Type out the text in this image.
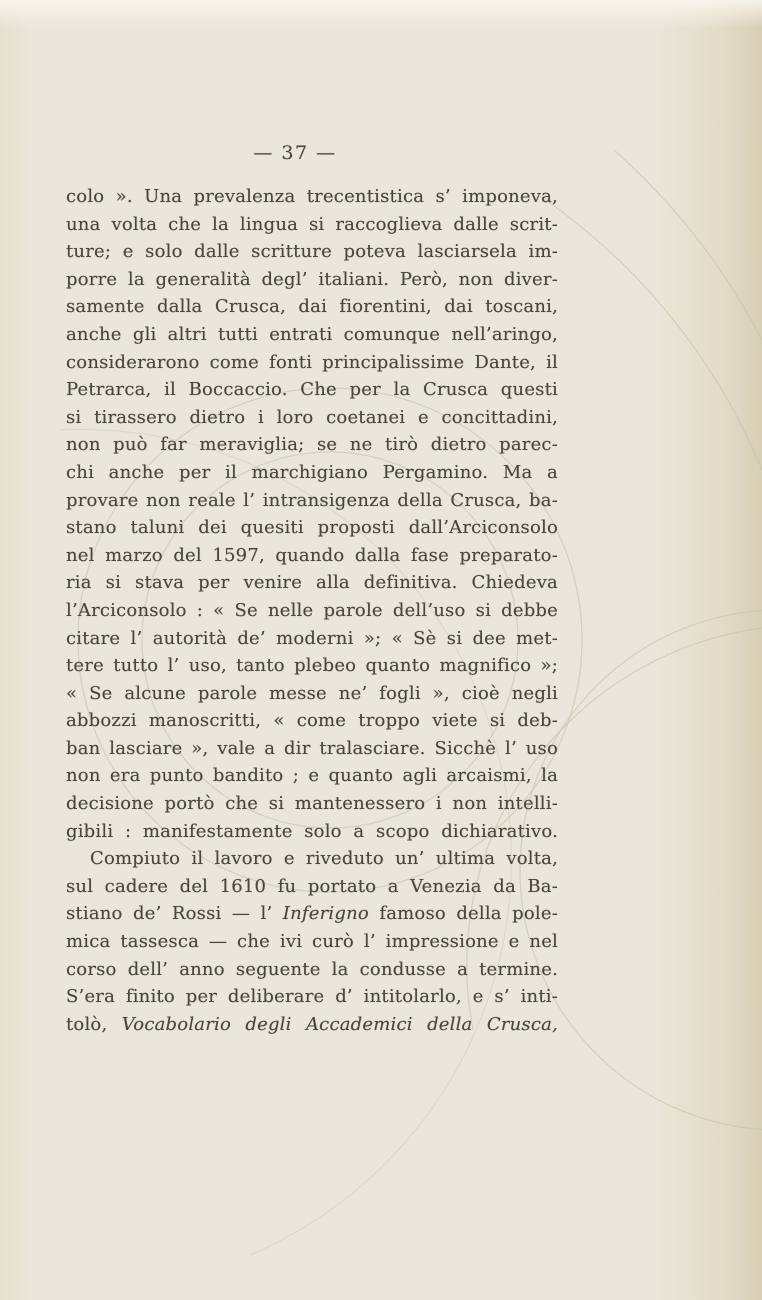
— 37 —
colo ». Una prevalenza trecentistica s’ imponeva,
una volta che la lingua si raccoglieva dalle scrit-
ture; e solo dalle scritture poteva lasciarsela im-
porre la generalità degl’ italiani. Però, non diver-
samente dalla Crusca, dai fiorentini, dai toscani,
anche gli altri tutti entrati comunque nell’aringo,
considerarono come fonti principalissime Dante, il
Petrarca, il Boccaccio. Che per la Crusca questi
si tirassero dietro i loro coetanei e concittadini,
non può far meraviglia; se ne tirò dietro parec-
chi anche per il marchigiano Pergamino. Ma a
provare non reale l’ intransigenza della Crusca, ba-
stano taluni dei quesiti proposti dall’Arciconsolo
nel marzo del 1597, quando dalla fase preparato-
ria si stava per venire alla definitiva. Chiedeva
l’Arciconsolo : « Se nelle parole dell’uso si debbe
citare l’ autorità de’ moderni »; « Sè si dee met-
tere tutto l’ uso, tanto plebeo quanto magnifico »;
« Se alcune parole messe ne’ fogli », cioè negli
abbozzi manoscritti, « come troppo viete si deb-
ban lasciare », vale a dir tralasciare. Sicchè l’ uso
non era punto bandito ; e quanto agli arcaismi, la
decisione portò che si mantenessero i non intelli-
gibili : manifestamente solo a scopo dichiarativo.
Compiuto il lavoro e riveduto un’ ultima volta,
sul cadere del 1610 fu portato a Venezia da Ba-
stiano de’ Rossi — l’ Inferigno famoso della pole-
mica tassesca — che ivi curò l’ impressione e nel
corso dell’ anno seguente la condusse a termine.
S’era finito per deliberare d’ intitolarlo, e s’ inti-
tolò, Vocabolario degli Accademici della Crusca,
